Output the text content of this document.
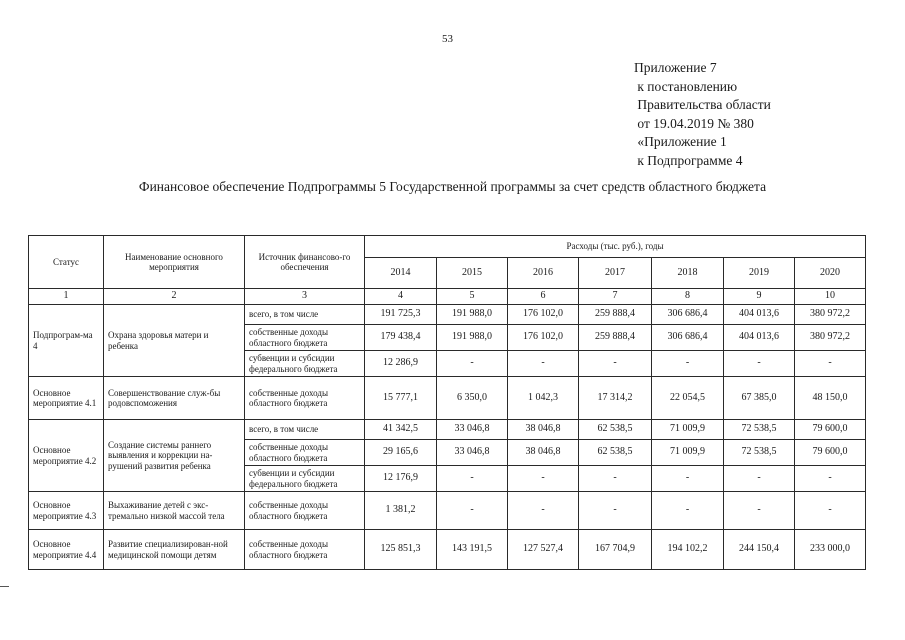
53
Приложение 7
к постановлению
Правительства области
от 19.04.2019 № 380
«Приложение 1
к Подпрограмме 4
Финансовое обеспечение Подпрограммы 5 Государственной программы за счет средств областного бюджета
Статус	Наименование основного мероприятия	Источник финансово-го обеспечения	Расходы (тыс. руб.), годы						
			2014	2015	2016	2017	2018	2019	2020
1	2	3	4	5	6	7	8	9	10
Подпрограм-ма 4	Охрана здоровья матери и ребенка	всего, в том числе	191 725,3	191 988,0	176 102,0	259 888,4	306 686,4	404 013,6	380 972,2
		собственные доходы областного бюджета	179 438,4	191 988,0	176 102,0	259 888,4	306 686,4	404 013,6	380 972,2
		субвенции и субсидии федерального бюджета	12 286,9	-	-	-	-	-	-
Основное мероприятие 4.1	Совершенствование служ-бы родовспоможения	собственные доходы областного бюджета	15 777,1	6 350,0	1 042,3	17 314,2	22 054,5	67 385,0	48 150,0
Основное мероприятие 4.2	Создание системы раннего выявления и коррекции на-рушений развития ребенка	всего, в том числе	41 342,5	33 046,8	38 046,8	62 538,5	71 009,9	72 538,5	79 600,0
		собственные доходы областного бюджета	29 165,6	33 046,8	38 046,8	62 538,5	71 009,9	72 538,5	79 600,0
		субвенции и субсидии федерального бюджета	12 176,9	-	-	-	-	-	-
Основное мероприятие 4.3	Выхаживание детей с экс-тремально низкой массой тела	собственные доходы областного бюджета	1 381,2	-	-	-	-	-	-
Основное мероприятие 4.4	Развитие специализирован-ной медицинской помощи детям	собственные доходы областного бюджета	125 851,3	143 191,5	127 527,4	167 704,9	194 102,2	244 150,4	233 000,0
